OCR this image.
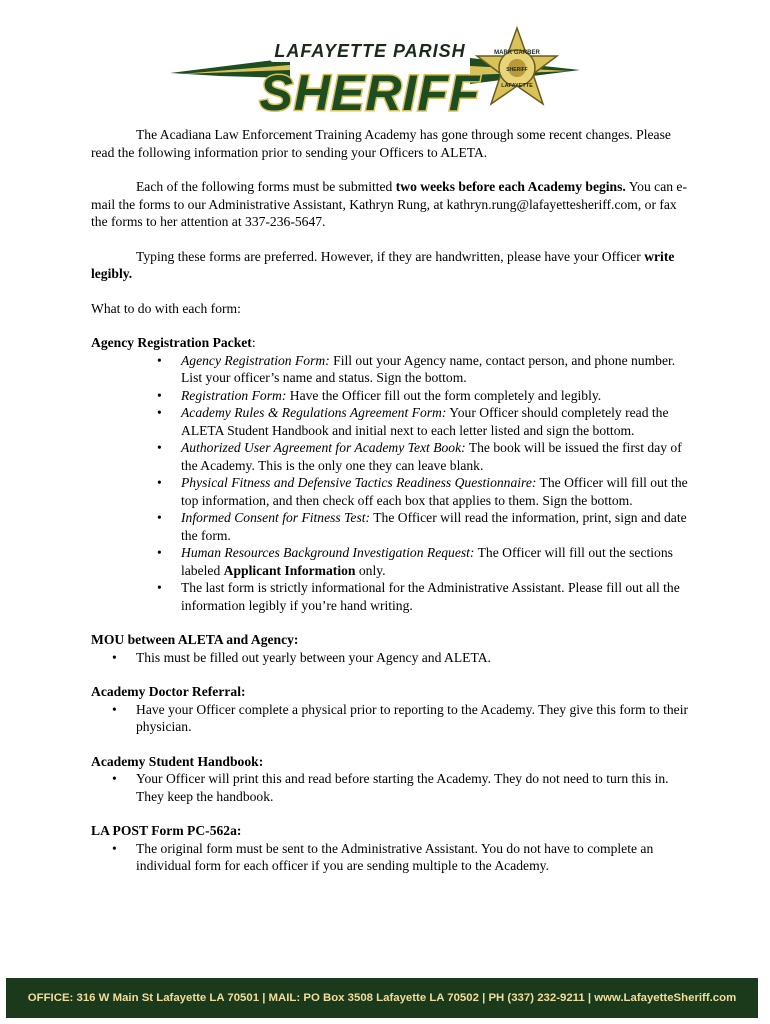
LAFAYETTE PARISH
SHERIFF
MARK GARBER
SHERIFF
LAFAYETTE

The Acadiana Law Enforcement Training Academy has gone through some recent changes. Please read the following information prior to sending your Officers to ALETA.

Each of the following forms must be submitted two weeks before each Academy begins. You can e-mail the forms to our Administrative Assistant, Kathryn Rung, at kathryn.rung@lafayettesheriff.com, or fax the forms to her attention at 337-236-5647.

Typing these forms are preferred. However, if they are handwritten, please have your Officer write legibly.

What to do with each form:

Agency Registration Packet:
• Agency Registration Form: Fill out your Agency name, contact person, and phone number. List your officer’s name and status. Sign the bottom.
• Registration Form: Have the Officer fill out the form completely and legibly.
• Academy Rules & Regulations Agreement Form: Your Officer should completely read the ALETA Student Handbook and initial next to each letter listed and sign the bottom.
• Authorized User Agreement for Academy Text Book: The book will be issued the first day of the Academy. This is the only one they can leave blank.
• Physical Fitness and Defensive Tactics Readiness Questionnaire: The Officer will fill out the top information, and then check off each box that applies to them. Sign the bottom.
• Informed Consent for Fitness Test: The Officer will read the information, print, sign and date the form.
• Human Resources Background Investigation Request: The Officer will fill out the sections labeled Applicant Information only.
• The last form is strictly informational for the Administrative Assistant. Please fill out all the information legibly if you’re hand writing.
MOU between ALETA and Agency:
• This must be filled out yearly between your Agency and ALETA.
Academy Doctor Referral:
• Have your Officer complete a physical prior to reporting to the Academy. They give this form to their physician.
Academy Student Handbook:
• Your Officer will print this and read before starting the Academy. They do not need to turn this in. They keep the handbook.
LA POST Form PC-562a:
• The original form must be sent to the Administrative Assistant. You do not have to complete an individual form for each officer if you are sending multiple to the Academy.
OFFICE: 316 W Main St Lafayette LA 70501 | MAIL: PO Box 3508 Lafayette LA 70502 | PH (337) 232-9211 | www.LafayetteSheriff.com
